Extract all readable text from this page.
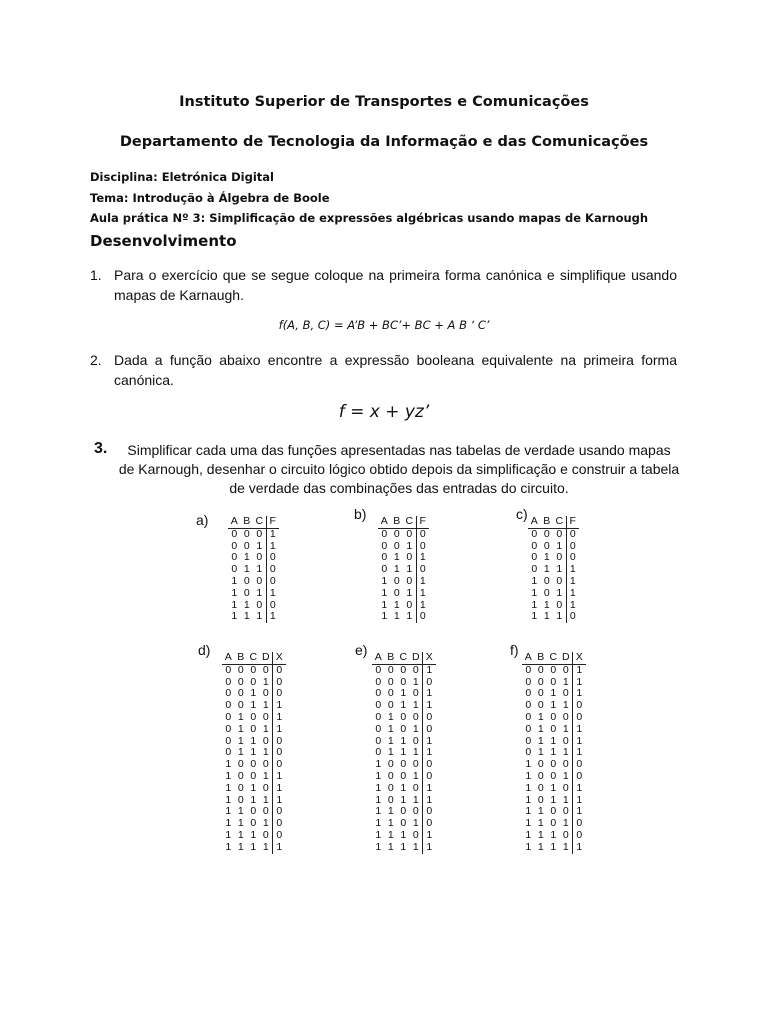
Instituto Superior de Transportes e Comunicações
Departamento de Tecnologia da Informação e das Comunicações
Disciplina: Eletrónica Digital
Tema: Introdução à Álgebra de Boole
Aula prática Nº 3: Simplificação de expressões algébricas usando mapas de Karnough
Desenvolvimento
1. Para o exercício que se segue coloque na primeira forma canónica e simplifique usando mapas de Karnaugh.
f(A, B, C) = A’B + BC’+ BC + A B ‘ C’
2. Dada a função abaixo encontre a expressão booleana equivalente na primeira forma canónica.
f = x + yz’
3.	Simplificar cada uma das funções apresentadas nas tabelas de verdade usando mapas de Karnough, desenhar o circuito lógico obtido depois da simplificação e construir a tabela de verdade das combinações das entradas do circuito.
a) A	B	C	F
0	0	0	1
0	0	1	1
0	1	0	0
0	1	1	0
1	0	0	0
1	0	1	1
1	1	0	0
1	1	1	1
b) A	B	C	F
0	0	0	0
0	0	1	0
0	1	0	1
0	1	1	0
1	0	0	1
1	0	1	1
1	1	0	1
1	1	1	0
c) A	B	C	F
0	0	0	0
0	0	1	0
0	1	0	0
0	1	1	1
1	0	0	1
1	0	1	1
1	1	0	1
1	1	1	0
d) A	B	C	D	X
0	0	0	0	0
0	0	0	1	0
0	0	1	0	0
0	0	1	1	1
0	1	0	0	1
0	1	0	1	1
0	1	1	0	0
0	1	1	1	0
1	0	0	0	0
1	0	0	1	1
1	0	1	0	1
1	0	1	1	1
1	1	0	0	0
1	1	0	1	0
1	1	1	0	0
1	1	1	1	1
e) A	B	C	D	X
0	0	0	0	1
0	0	0	1	0
0	0	1	0	1
0	0	1	1	1
0	1	0	0	0
0	1	0	1	0
0	1	1	0	1
0	1	1	1	1
1	0	0	0	0
1	0	0	1	0
1	0	1	0	1
1	0	1	1	1
1	1	0	0	0
1	1	0	1	0
1	1	1	0	1
1	1	1	1	1
f) A	B	C	D	X
0	0	0	0	1
0	0	0	1	1
0	0	1	0	1
0	0	1	1	0
0	1	0	0	0
0	1	0	1	1
0	1	1	0	1
0	1	1	1	1
1	0	0	0	0
1	0	0	1	0
1	0	1	0	1
1	0	1	1	1
1	1	0	0	1
1	1	0	1	0
1	1	1	0	0
1	1	1	1	1
